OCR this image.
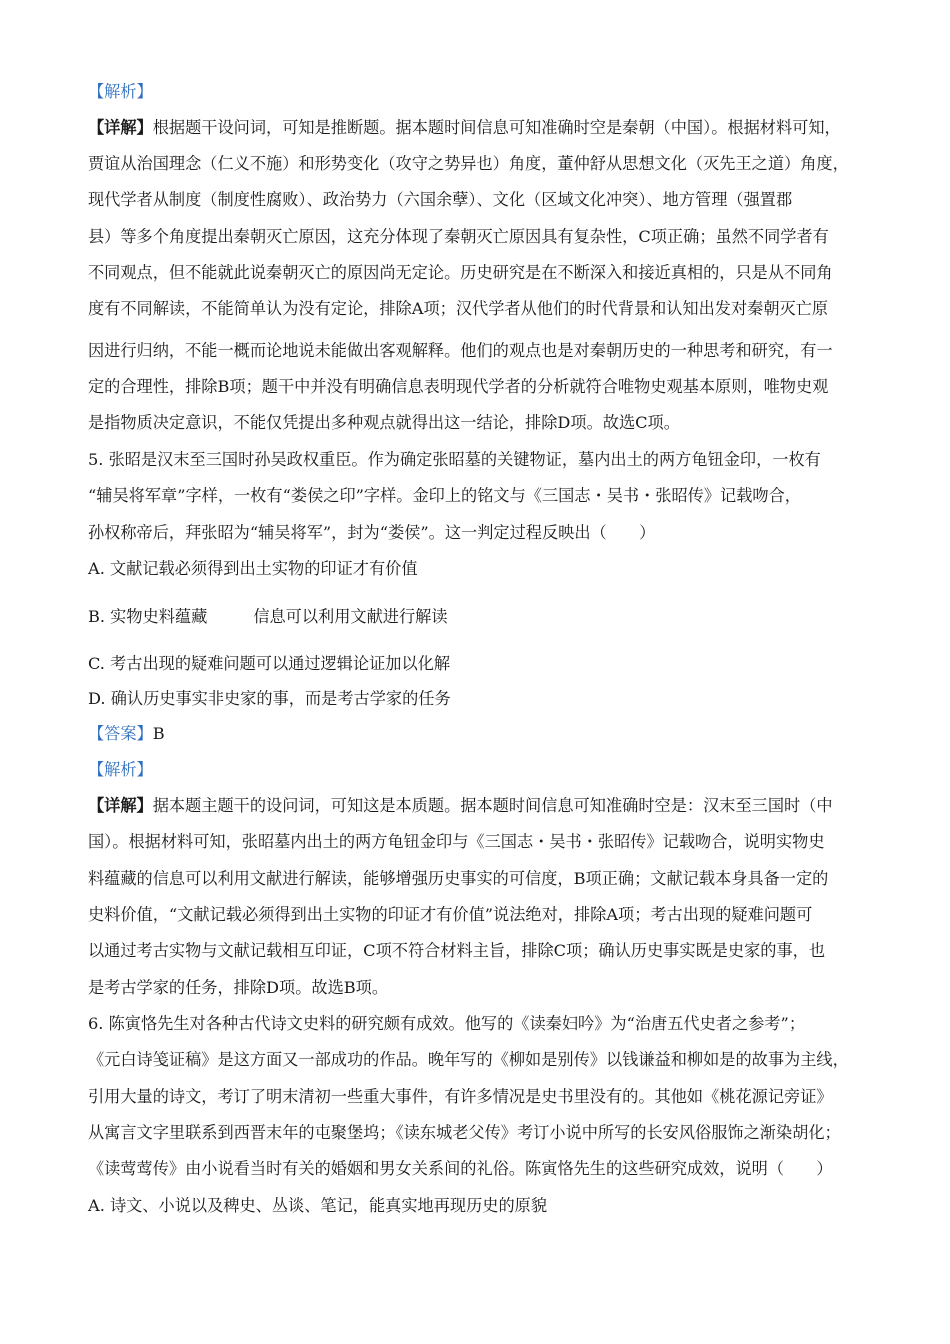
【解析】
【详解】根据题干设问词，可知是推断题。据本题时间信息可知准确时空是秦朝（中国）。根据材料可知，
贾谊从治国理念（仁义不施）和形势变化（攻守之势异也）角度，董仲舒从思想文化（灭先王之道）角度，
现代学者从制度（制度性腐败）、政治势力（六国余孽）、文化（区域文化冲突）、地方管理（强置郡
县）等多个角度提出秦朝灭亡原因，这充分体现了秦朝灭亡原因具有复杂性，C项正确；虽然不同学者有
不同观点，但不能就此说秦朝灭亡的原因尚无定论。历史研究是在不断深入和接近真相的，只是从不同角
度有不同解读，不能简单认为没有定论，排除A项；汉代学者从他们的时代背景和认知出发对秦朝灭亡原
因进行归纳，不能一概而论地说未能做出客观解释。他们的观点也是对秦朝历史的一种思考和研究，有一
定的合理性，排除B项；题干中并没有明确信息表明现代学者的分析就符合唯物史观基本原则，唯物史观
是指物质决定意识，不能仅凭提出多种观点就得出这一结论，排除D项。故选C项。
5. 张昭是汉末至三国时孙吴政权重臣。作为确定张昭墓的关键物证，墓内出土的两方龟钮金印，一枚有
“辅吴将军章”字样，一枚有“娄侯之印”字样。金印上的铭文与《三国志・吴书・张昭传》记载吻合，
孙权称帝后，拜张昭为“辅吴将军”，封为“娄侯”。这一判定过程反映出（　　）
A. 文献记载必须得到出土实物的印证才有价值
B. 实物史料蕴藏	信息可以利用文献进行解读
C. 考古出现的疑难问题可以通过逻辑论证加以化解
D. 确认历史事实非史家的事，而是考古学家的任务
【答案】B
【解析】
【详解】据本题主题干的设问词，可知这是本质题。据本题时间信息可知准确时空是：汉末至三国时（中
国）。根据材料可知，张昭墓内出土的两方龟钮金印与《三国志・吴书・张昭传》记载吻合，说明实物史
料蕴藏的信息可以利用文献进行解读，能够增强历史事实的可信度，B项正确；文献记载本身具备一定的
史料价值，“文献记载必须得到出土实物的印证才有价值”说法绝对，排除A项；考古出现的疑难问题可
以通过考古实物与文献记载相互印证，C项不符合材料主旨，排除C项；确认历史事实既是史家的事，也
是考古学家的任务，排除D项。故选B项。
6. 陈寅恪先生对各种古代诗文史料的研究颇有成效。他写的《读秦妇吟》为“治唐五代史者之参考”；
《元白诗笺证稿》是这方面又一部成功的作品。晚年写的《柳如是别传》以钱谦益和柳如是的故事为主线，
引用大量的诗文，考订了明末清初一些重大事件，有许多情况是史书里没有的。其他如《桃花源记旁证》
从寓言文字里联系到西晋末年的屯聚堡坞；《读东城老父传》考订小说中所写的长安风俗服饰之渐染胡化；
《读莺莺传》由小说看当时有关的婚姻和男女关系间的礼俗。陈寅恪先生的这些研究成效，说明（　　）
A. 诗文、小说以及稗史、丛谈、笔记，能真实地再现历史的原貌
